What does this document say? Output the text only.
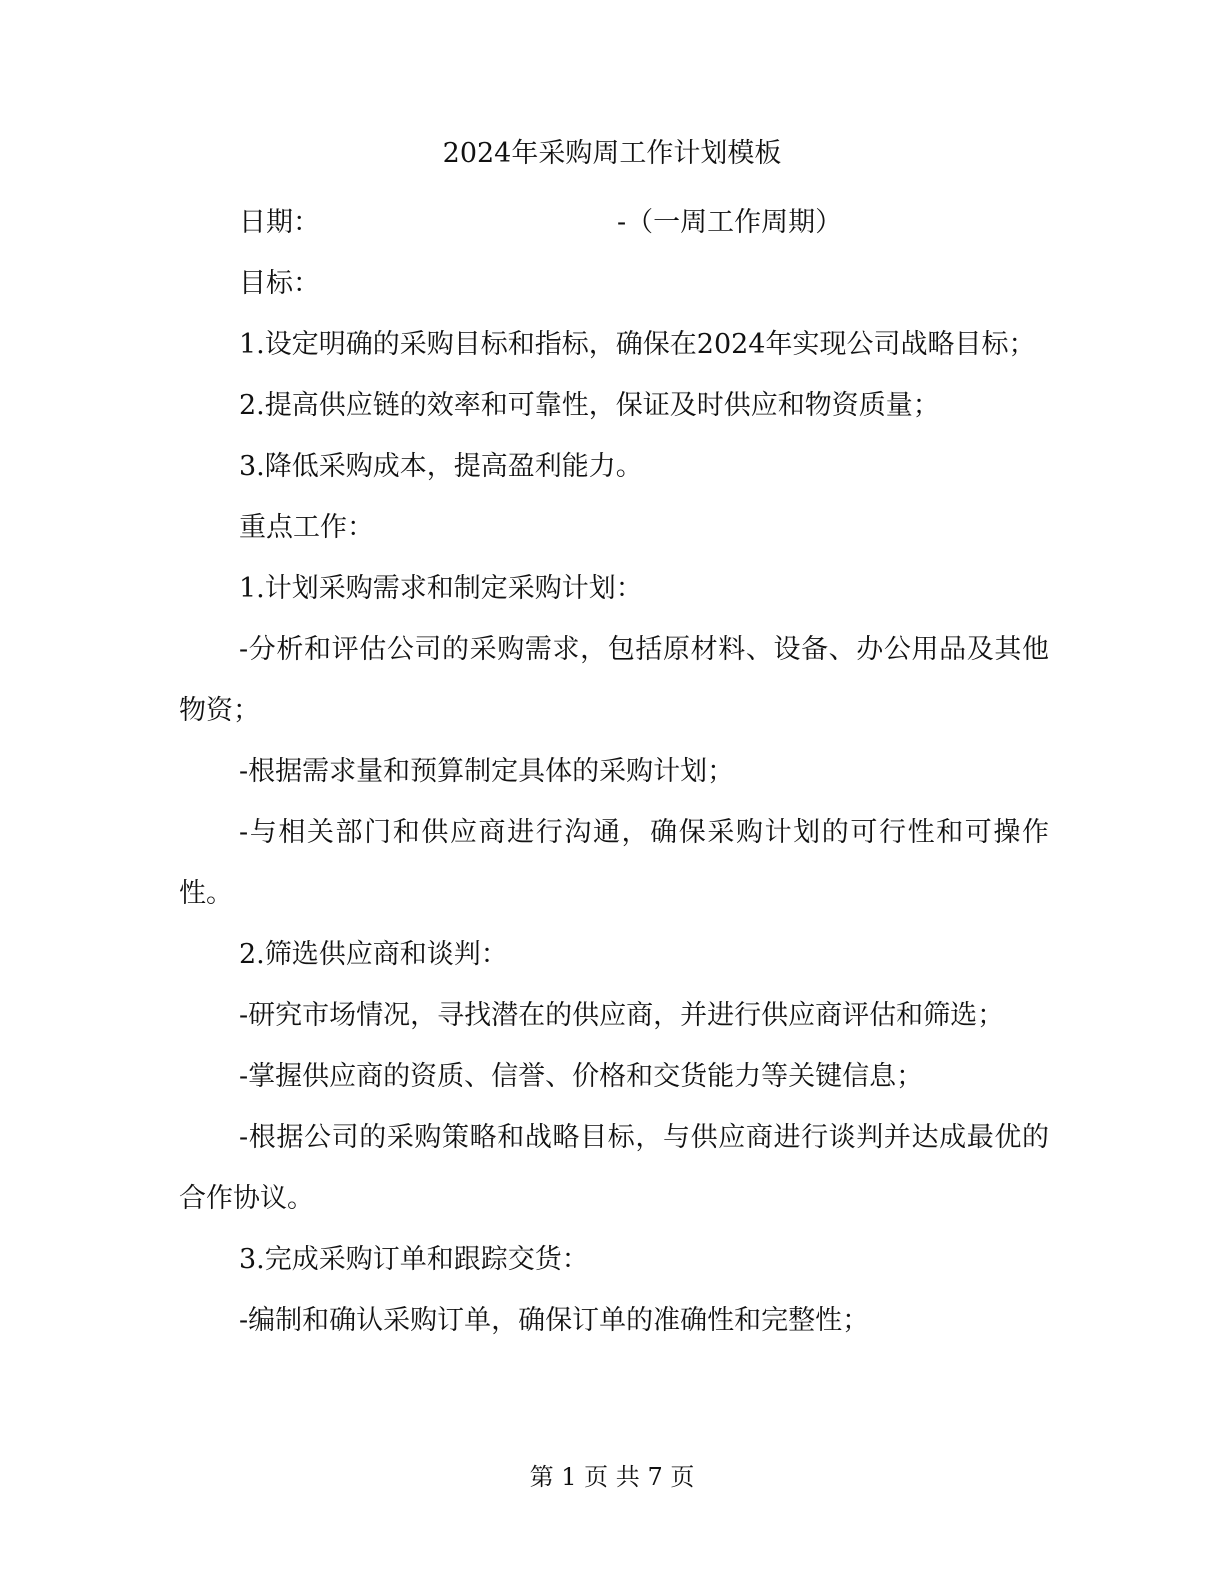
2024年采购周工作计划模板
日期：	-（一周工作周期）

目标：

1.设定明确的采购目标和指标，确保在2024年实现公司战略目标；

2.提高供应链的效率和可靠性，保证及时供应和物资质量；

3.降低采购成本，提高盈利能力。

重点工作：

1.计划采购需求和制定采购计划：

-分析和评估公司的采购需求，包括原材料、设备、办公用品及其他物资；

-根据需求量和预算制定具体的采购计划；

-与相关部门和供应商进行沟通，确保采购计划的可行性和可操作性。

2.筛选供应商和谈判：

-研究市场情况，寻找潜在的供应商，并进行供应商评估和筛选；

-掌握供应商的资质、信誉、价格和交货能力等关键信息；

-根据公司的采购策略和战略目标，与供应商进行谈判并达成最优的合作协议。

3.完成采购订单和跟踪交货：

-编制和确认采购订单，确保订单的准确性和完整性；

第 1 页 共 7 页
